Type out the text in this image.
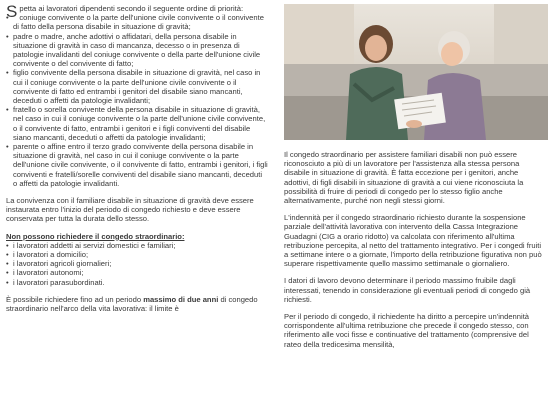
Spetta ai lavoratori dipendenti secondo il seguente ordine di priorità:

• coniuge convivente o la parte dell'unione civile convivente o il convivente di fatto della persona disabile in situazione di gravità;
• padre o madre, anche adottivi o affidatari, della persona disabile in situazione di gravità in caso di mancanza, decesso o in presenza di patologie invalidanti del coniuge convivente o della parte dell'unione civile convivente o del convivente di fatto;
• figlio convivente della persona disabile in situazione di gravità, nel caso in cui il coniuge convivente o la parte dell'unione civile convivente o il convivente di fatto ed entrambi i genitori del disabile siano mancanti, deceduti o affetti da patologie invalidanti;
• fratello o sorella convivente della persona disabile in situazione di gravità, nel caso in cui il coniuge convivente o la parte dell'unione civile convivente, o il convivente di fatto, entrambi i genitori e i figli conviventi del disabile siano mancanti, deceduti o affetti da patologie invalidanti;
• parente o affine entro il terzo grado convivente della persona disabile in situazione di gravità, nel caso in cui il coniuge convivente o la parte dell'unione civile convivente, o il convivente di fatto, entrambi i genitori, i figli conviventi e fratelli/sorelle conviventi del disabile siano mancanti, deceduti o affetti da patologie invalidanti.

La convivenza con il familiare disabile in situazione di gravità deve essere instaurata entro l'inizio del periodo di congedo richiesto e deve essere conservata per tutta la durata dello stesso.

Non possono richiedere il congedo straordinario:

• i lavoratori addetti ai servizi domestici e familiari;
• i lavoratori a domicilio;
• i lavoratori agricoli giornalieri;
• i lavoratori autonomi;
• i lavoratori parasubordinati.

È possibile richiedere fino ad un periodo massimo di due anni di congedo straordinario nell'arco della vita lavorativa: il limite è

Il congedo straordinario per assistere familiari disabili non può essere riconosciuto a più di un lavoratore per l'assistenza alla stessa persona disabile in situazione di gravità. È fatta eccezione per i genitori, anche adottivi, di figli disabili in situazione di gravità a cui viene riconosciuta la possibilità di fruire di periodi di congedo per lo stesso figlio anche alternativamente, purché non negli stessi giorni.

L'indennità per il congedo straordinario richiesto durante la sospensione parziale dell'attività lavorativa con intervento della Cassa Integrazione Guadagni (CIG a orario ridotto) va calcolata con riferimento all'ultima retribuzione percepita, al netto del trattamento integrativo. Per i congedi fruiti a settimane intere o a giornate, l'importo della retribuzione figurativa non può superare rispettivamente quello massimo settimanale o giornaliero.

I datori di lavoro devono determinare il periodo massimo fruibile dagli interessati, tenendo in considerazione gli eventuali periodi di congedo già richiesti.

Per il periodo di congedo, il richiedente ha diritto a percepire un'indennità corrispondente all'ultima retribuzione che precede il congedo stesso, con riferimento alle voci fisse e continuative del trattamento (comprensive del rateo della tredicesima mensilità,
